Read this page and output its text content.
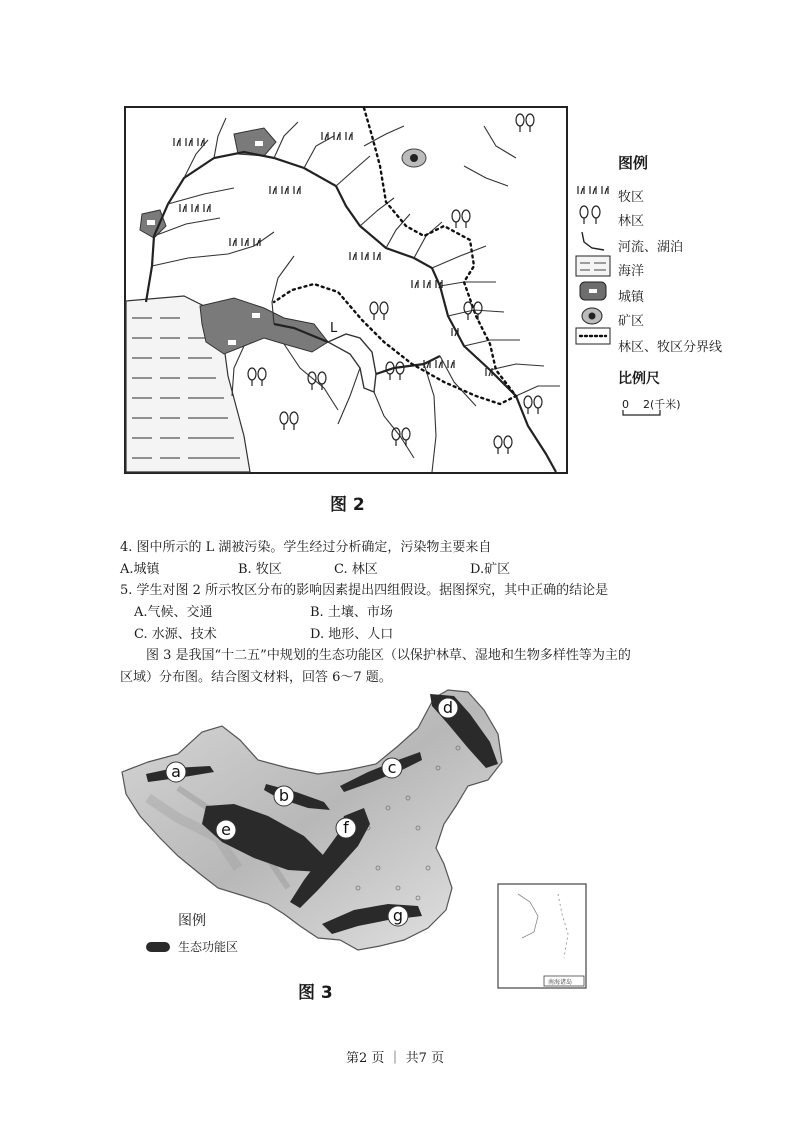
L
图例
牧区
林区
河流、湖泊
海洋
城镇
矿区
林区、牧区分界线
比例尺
0    2(千米)
图 2
4. 图中所示的 L 湖被污染。学生经过分析确定，污染物主要来自
A.城镇	B. 牧区	C. 林区	D.矿区
5. 学生对图 2 所示牧区分布的影响因素提出四组假设。据图探究，其中正确的结论是
A.气候、交通	B. 土壤、市场
C. 水源、技术	D. 地形、人口
图 3 是我国“十二五”中规划的生态功能区（以保护林草、湿地和生物多样性等为主的
区域）分布图。结合图文材料，回答 6～7 题。
a
b
c
d
e	f
g
南海诸岛
图例
生态功能区
图 3
第2 页 ｜ 共7 页
